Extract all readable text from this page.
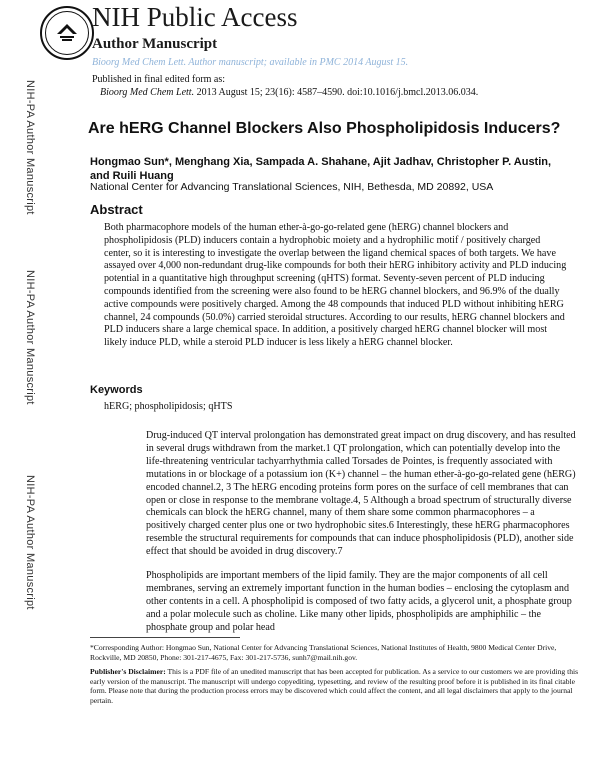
NIH-PA Author Manuscript
NIH-PA Author Manuscript
NIH-PA Author Manuscript
NIH Public Access
Author Manuscript
Bioorg Med Chem Lett. Author manuscript; available in PMC 2014 August 15.
Published in final edited form as:
Bioorg Med Chem Lett. 2013 August 15; 23(16): 4587–4590. doi:10.1016/j.bmcl.2013.06.034.
Are hERG Channel Blockers Also Phospholipidosis Inducers?
Hongmao Sun*, Menghang Xia, Sampada A. Shahane, Ajit Jadhav, Christopher P. Austin,
and Ruili Huang
National Center for Advancing Translational Sciences, NIH, Bethesda, MD 20892, USA
Abstract
Both pharmacophore models of the human ether-à-go-go-related gene (hERG) channel blockers and phospholipidosis (PLD) inducers contain a hydrophobic moiety and a hydrophilic motif / positively charged center, so it is interesting to investigate the overlap between the ligand chemical spaces of both targets. We have assayed over 4,000 non-redundant drug-like compounds for both their hERG inhibitory activity and PLD inducing potential in a quantitative high throughput screening (qHTS) format. Seventy-seven percent of PLD inducing compounds identified from the screening were also found to be hERG channel blockers, and 96.9% of the dually active compounds were positively charged. Among the 48 compounds that induced PLD without inhibiting hERG channel, 24 compounds (50.0%) carried steroidal structures. According to our results, hERG channel blockers and PLD inducers share a large chemical space. In addition, a positively charged hERG channel blocker will most likely induce PLD, while a steroid PLD inducer is less likely a hERG channel blocker.
Keywords
hERG; phospholipidosis; qHTS
Drug-induced QT interval prolongation has demonstrated great impact on drug discovery, and has resulted in several drugs withdrawn from the market.1 QT prolongation, which can potentially develop into the life-threatening ventricular tachyarrhythmia called Torsades de Pointes, is frequently associated with mutations in or blockage of a potassium ion (K+) channel – the human ether-à-go-go-related gene (hERG) encoded channel.2, 3 The hERG encoding proteins form pores on the surface of cell membranes that can open or close in response to the membrane voltage.4, 5 Although a broad spectrum of structurally diverse chemicals can block the hERG channel, many of them share some common pharmacophores – a positively charged center plus one or two hydrophobic sites.6 Interestingly, these hERG pharmacophores resemble the structural requirements for compounds that can induce phospholipidosis (PLD), another side effect that should be avoided in drug discovery.7
Phospholipids are important members of the lipid family. They are the major components of all cell membranes, serving an extremely important function in the human bodies – enclosing the cytoplasm and other contents in a cell. A phospholipid is composed of two fatty acids, a glycerol unit, a phosphate group and a polar molecule such as choline. Like many other lipids, phospholipids are amphiphilic – the phosphate group and polar head
*Corresponding Author: Hongmao Sun, National Center for Advancing Translational Sciences, National Institutes of Health, 9800 Medical Center Drive, Rockville, MD 20850, Phone: 301-217-4675, Fax: 301-217-5736, sunh7@mail.nih.gov.
Publisher's Disclaimer: This is a PDF file of an unedited manuscript that has been accepted for publication. As a service to our customers we are providing this early version of the manuscript. The manuscript will undergo copyediting, typesetting, and review of the resulting proof before it is published in its final citable form. Please note that during the production process errors may be discovered which could affect the content, and all legal disclaimers that apply to the journal pertain.
